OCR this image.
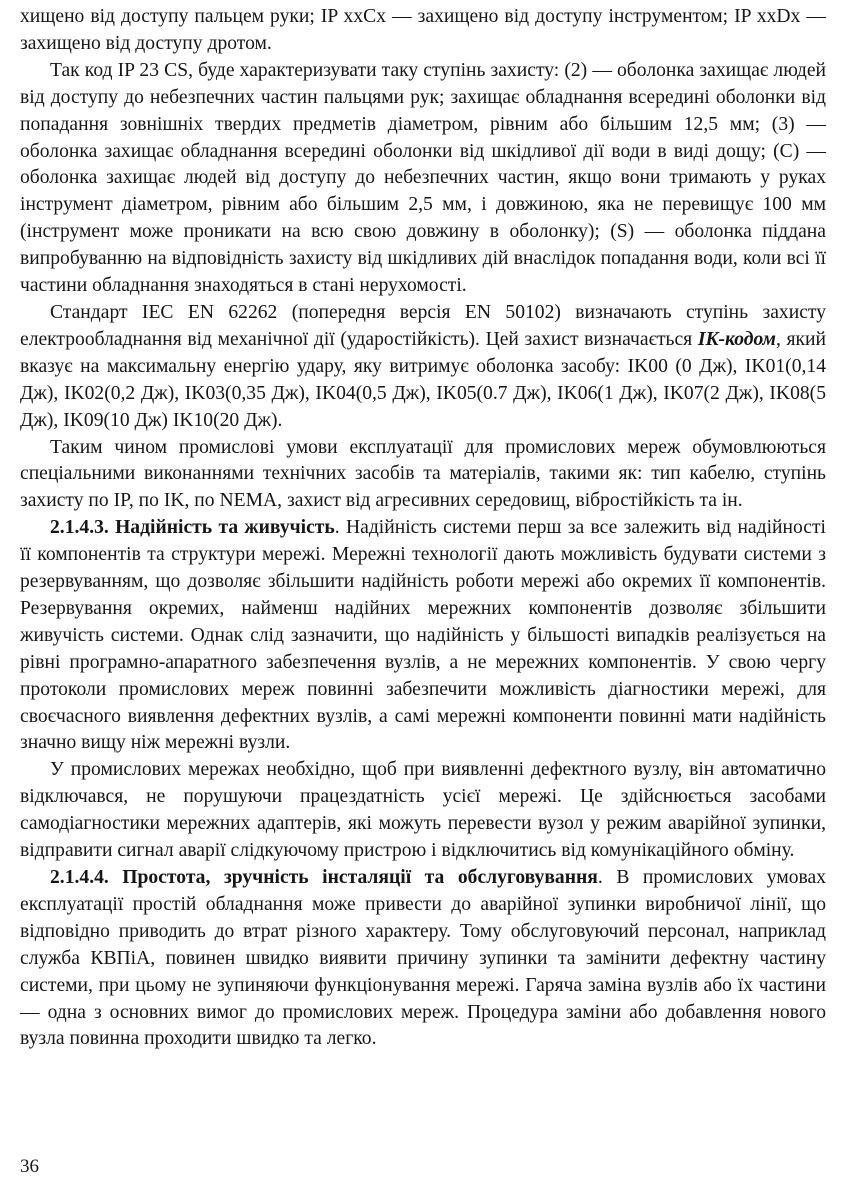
хищено від доступу пальцем руки; IP xxCx — захищено від доступу інструментом; IP xxDx — захищено від доступу дротом.

Так код IP 23 CS, буде характеризувати таку ступінь захисту: (2) — оболонка захищає людей від доступу до небезпечних частин пальцями рук; захищає обладнання всередині оболонки від попадання зовнішніх твердих предметів діаметром, рівним або більшим 12,5 мм; (3) — оболонка захищає обладнання всередині оболонки від шкідливої дії води в виді дощу; (C) — оболонка захищає людей від доступу до небезпечних частин, якщо вони тримають у руках інструмент діаметром, рівним або більшим 2,5 мм, і довжиною, яка не перевищує 100 мм (інструмент може проникати на всю свою довжину в оболонку); (S) — оболонка піддана випробуванню на відповідність захисту від шкідливих дій внаслідок попадання води, коли всі її частини обладнання знаходяться в стані нерухомості.

Стандарт IEC EN 62262 (попередня версія EN 50102) визначають ступінь захисту електрообладнання від механічної дії (ударостійкість). Цей захист визначається IK-кодом, який вказує на максимальну енергію удару, яку витримує оболонка засобу: IK00 (0 Дж), IK01(0,14 Дж), IK02(0,2 Дж), IK03(0,35 Дж), IK04(0,5 Дж), IK05(0.7 Дж), IK06(1 Дж), IK07(2 Дж), IK08(5 Дж), IK09(10 Дж) IK10(20 Дж).

Таким чином промислові умови експлуатації для промислових мереж обумовлюються спеціальними виконаннями технічних засобів та матеріалів, такими як: тип кабелю, ступінь захисту по IP, по IK, по NEMA, захист від агресивних середовищ, вібростійкість та ін.

2.1.4.3. Надійність та живучість. Надійність системи перш за все залежить від надійності її компонентів та структури мережі. Мережні технології дають можливість будувати системи з резервуванням, що дозволяє збільшити надійність роботи мережі або окремих її компонентів. Резервування окремих, найменш надійних мережних компонентів дозволяє збільшити живучість системи. Однак слід зазначити, що надійність у більшості випадків реалізується на рівні програмно-апаратного забезпечення вузлів, а не мережних компонентів. У свою чергу протоколи промислових мереж повинні забезпечити можливість діагностики мережі, для своєчасного виявлення дефектних вузлів, а самі мережні компоненти повинні мати надійність значно вищу ніж мережні вузли.

У промислових мережах необхідно, щоб при виявленні дефектного вузлу, він автоматично відключався, не порушуючи працездатність усієї мережі. Це здійснюється засобами самодіагностики мережних адаптерів, які можуть перевести вузол у режим аварійної зупинки, відправити сигнал аварії слідкуючому пристрою і відключитись від комунікаційного обміну.

2.1.4.4. Простота, зручність інсталяції та обслуговування. В промислових умовах експлуатації простій обладнання може привести до аварійної зупинки виробничої лінії, що відповідно приводить до втрат різного характеру. Тому обслуговуючий персонал, наприклад служба КВПіА, повинен швидко виявити причину зупинки та замінити дефектну частину системи, при цьому не зупиняючи функціонування мережі. Гаряча заміна вузлів або їх частини — одна з основних вимог до промислових мереж. Процедура заміни або добавлення нового вузла повинна проходити швидко та легко.

36
